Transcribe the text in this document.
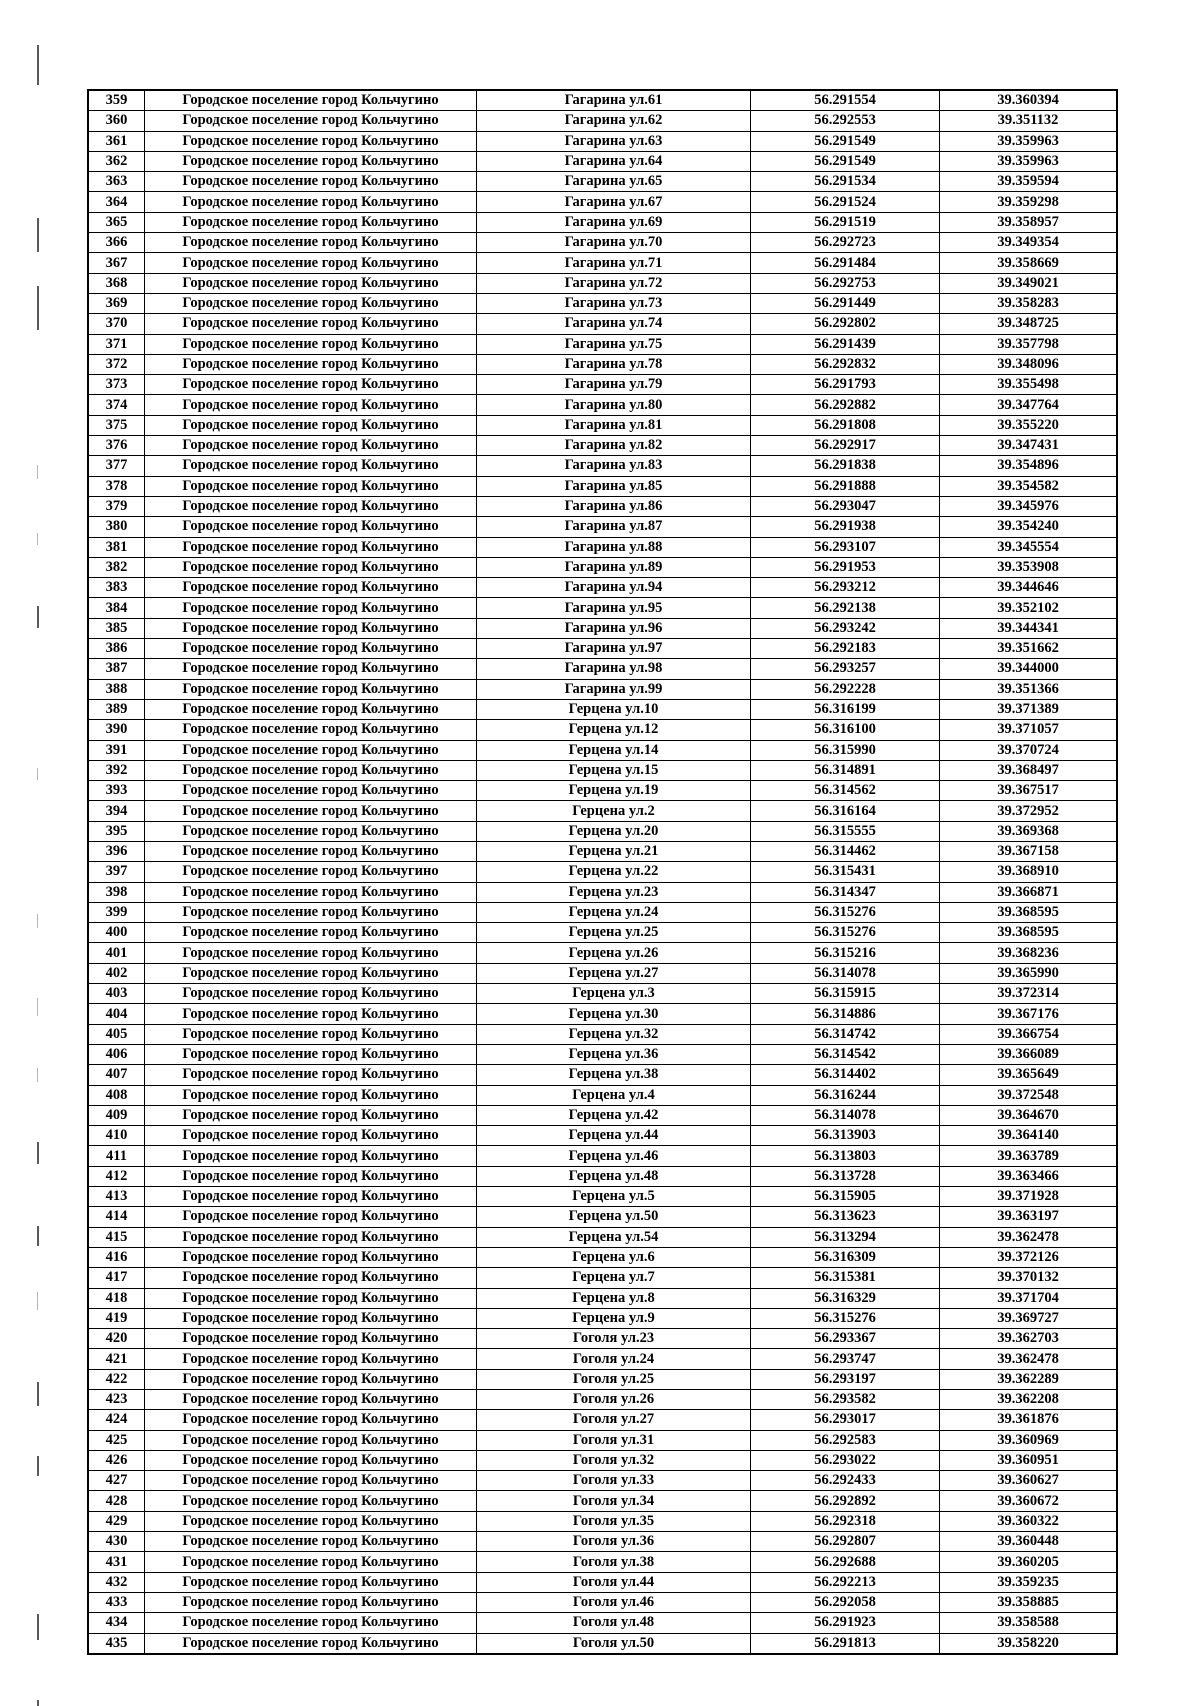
359	Городское поселение город Кольчугино	Гагарина ул.61	56.291554	39.360394
360	Городское поселение город Кольчугино	Гагарина ул.62	56.292553	39.351132
361	Городское поселение город Кольчугино	Гагарина ул.63	56.291549	39.359963
362	Городское поселение город Кольчугино	Гагарина ул.64	56.291549	39.359963
363	Городское поселение город Кольчугино	Гагарина ул.65	56.291534	39.359594
364	Городское поселение город Кольчугино	Гагарина ул.67	56.291524	39.359298
365	Городское поселение город Кольчугино	Гагарина ул.69	56.291519	39.358957
366	Городское поселение город Кольчугино	Гагарина ул.70	56.292723	39.349354
367	Городское поселение город Кольчугино	Гагарина ул.71	56.291484	39.358669
368	Городское поселение город Кольчугино	Гагарина ул.72	56.292753	39.349021
369	Городское поселение город Кольчугино	Гагарина ул.73	56.291449	39.358283
370	Городское поселение город Кольчугино	Гагарина ул.74	56.292802	39.348725
371	Городское поселение город Кольчугино	Гагарина ул.75	56.291439	39.357798
372	Городское поселение город Кольчугино	Гагарина ул.78	56.292832	39.348096
373	Городское поселение город Кольчугино	Гагарина ул.79	56.291793	39.355498
374	Городское поселение город Кольчугино	Гагарина ул.80	56.292882	39.347764
375	Городское поселение город Кольчугино	Гагарина ул.81	56.291808	39.355220
376	Городское поселение город Кольчугино	Гагарина ул.82	56.292917	39.347431
377	Городское поселение город Кольчугино	Гагарина ул.83	56.291838	39.354896
378	Городское поселение город Кольчугино	Гагарина ул.85	56.291888	39.354582
379	Городское поселение город Кольчугино	Гагарина ул.86	56.293047	39.345976
380	Городское поселение город Кольчугино	Гагарина ул.87	56.291938	39.354240
381	Городское поселение город Кольчугино	Гагарина ул.88	56.293107	39.345554
382	Городское поселение город Кольчугино	Гагарина ул.89	56.291953	39.353908
383	Городское поселение город Кольчугино	Гагарина ул.94	56.293212	39.344646
384	Городское поселение город Кольчугино	Гагарина ул.95	56.292138	39.352102
385	Городское поселение город Кольчугино	Гагарина ул.96	56.293242	39.344341
386	Городское поселение город Кольчугино	Гагарина ул.97	56.292183	39.351662
387	Городское поселение город Кольчугино	Гагарина ул.98	56.293257	39.344000
388	Городское поселение город Кольчугино	Гагарина ул.99	56.292228	39.351366
389	Городское поселение город Кольчугино	Герцена ул.10	56.316199	39.371389
390	Городское поселение город Кольчугино	Герцена ул.12	56.316100	39.371057
391	Городское поселение город Кольчугино	Герцена ул.14	56.315990	39.370724
392	Городское поселение город Кольчугино	Герцена ул.15	56.314891	39.368497
393	Городское поселение город Кольчугино	Герцена ул.19	56.314562	39.367517
394	Городское поселение город Кольчугино	Герцена ул.2	56.316164	39.372952
395	Городское поселение город Кольчугино	Герцена ул.20	56.315555	39.369368
396	Городское поселение город Кольчугино	Герцена ул.21	56.314462	39.367158
397	Городское поселение город Кольчугино	Герцена ул.22	56.315431	39.368910
398	Городское поселение город Кольчугино	Герцена ул.23	56.314347	39.366871
399	Городское поселение город Кольчугино	Герцена ул.24	56.315276	39.368595
400	Городское поселение город Кольчугино	Герцена ул.25	56.315276	39.368595
401	Городское поселение город Кольчугино	Герцена ул.26	56.315216	39.368236
402	Городское поселение город Кольчугино	Герцена ул.27	56.314078	39.365990
403	Городское поселение город Кольчугино	Герцена ул.3	56.315915	39.372314
404	Городское поселение город Кольчугино	Герцена ул.30	56.314886	39.367176
405	Городское поселение город Кольчугино	Герцена ул.32	56.314742	39.366754
406	Городское поселение город Кольчугино	Герцена ул.36	56.314542	39.366089
407	Городское поселение город Кольчугино	Герцена ул.38	56.314402	39.365649
408	Городское поселение город Кольчугино	Герцена ул.4	56.316244	39.372548
409	Городское поселение город Кольчугино	Герцена ул.42	56.314078	39.364670
410	Городское поселение город Кольчугино	Герцена ул.44	56.313903	39.364140
411	Городское поселение город Кольчугино	Герцена ул.46	56.313803	39.363789
412	Городское поселение город Кольчугино	Герцена ул.48	56.313728	39.363466
413	Городское поселение город Кольчугино	Герцена ул.5	56.315905	39.371928
414	Городское поселение город Кольчугино	Герцена ул.50	56.313623	39.363197
415	Городское поселение город Кольчугино	Герцена ул.54	56.313294	39.362478
416	Городское поселение город Кольчугино	Герцена ул.6	56.316309	39.372126
417	Городское поселение город Кольчугино	Герцена ул.7	56.315381	39.370132
418	Городское поселение город Кольчугино	Герцена ул.8	56.316329	39.371704
419	Городское поселение город Кольчугино	Герцена ул.9	56.315276	39.369727
420	Городское поселение город Кольчугино	Гоголя ул.23	56.293367	39.362703
421	Городское поселение город Кольчугино	Гоголя ул.24	56.293747	39.362478
422	Городское поселение город Кольчугино	Гоголя ул.25	56.293197	39.362289
423	Городское поселение город Кольчугино	Гоголя ул.26	56.293582	39.362208
424	Городское поселение город Кольчугино	Гоголя ул.27	56.293017	39.361876
425	Городское поселение город Кольчугино	Гоголя ул.31	56.292583	39.360969
426	Городское поселение город Кольчугино	Гоголя ул.32	56.293022	39.360951
427	Городское поселение город Кольчугино	Гоголя ул.33	56.292433	39.360627
428	Городское поселение город Кольчугино	Гоголя ул.34	56.292892	39.360672
429	Городское поселение город Кольчугино	Гоголя ул.35	56.292318	39.360322
430	Городское поселение город Кольчугино	Гоголя ул.36	56.292807	39.360448
431	Городское поселение город Кольчугино	Гоголя ул.38	56.292688	39.360205
432	Городское поселение город Кольчугино	Гоголя ул.44	56.292213	39.359235
433	Городское поселение город Кольчугино	Гоголя ул.46	56.292058	39.358885
434	Городское поселение город Кольчугино	Гоголя ул.48	56.291923	39.358588
435	Городское поселение город Кольчугино	Гоголя ул.50	56.291813	39.358220
